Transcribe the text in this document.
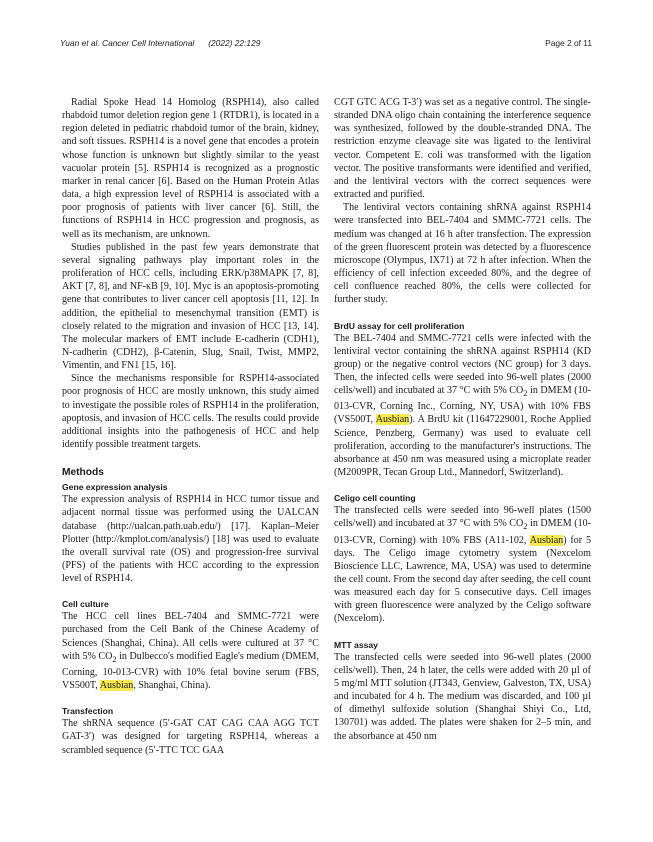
Yuan et al. Cancer Cell International (2022) 22:129	Page 2 of 11

Radial Spoke Head 14 Homolog (RSPH14), also called rhabdoid tumor deletion region gene 1 (RTDR1), is located in a region deleted in pediatric rhabdoid tumor of the brain, kidney, and soft tissues. RSPH14 is a novel gene that encodes a protein whose function is unknown but slightly similar to the yeast vacuolar protein [5]. RSPH14 is recognized as a prognostic marker in renal cancer [6]. Based on the Human Protein Atlas data, a high expression level of RSPH14 is associated with a poor prognosis of patients with liver cancer [6]. Still, the functions of RSPH14 in HCC progression and prognosis, as well as its mechanism, are unknown.

Studies published in the past few years demonstrate that several signaling pathways play important roles in the proliferation of HCC cells, including ERK/p38MAPK [7, 8], AKT [7, 8], and NF-κB [9, 10]. Myc is an apoptosis-promoting gene that contributes to liver cancer cell apoptosis [11, 12]. In addition, the epithelial to mesenchymal transition (EMT) is closely related to the migration and invasion of HCC [13, 14]. The molecular markers of EMT include E-cadherin (CDH1), N-cadherin (CDH2), β-Catenin, Slug, Snail, Twist, MMP2, Vimentin, and FN1 [15, 16].

Since the mechanisms responsible for RSPH14-associated poor prognosis of HCC are mostly unknown, this study aimed to investigate the possible roles of RSPH14 in the proliferation, apoptosis, and invasion of HCC cells. The results could provide additional insights into the pathogenesis of HCC and help identify possible treatment targets.

Methods
Gene expression analysis

The expression analysis of RSPH14 in HCC tumor tissue and adjacent normal tissue was performed using the UALCAN database (http://ualcan.path.uab.edu/) [17]. Kaplan–Meier Plotter (http://kmplot.com/analysis/) [18] was used to evaluate the overall survival rate (OS) and progression-free survival (PFS) of the patients with HCC according to the expression level of RSPH14.

Cell culture

The HCC cell lines BEL-7404 and SMMC-7721 were purchased from the Cell Bank of the Chinese Academy of Sciences (Shanghai, China). All cells were cultured at 37 °C with 5% $CO_2$ in Dulbecco's modified Eagle's medium (DMEM, Corning, 10-013-CVR) with 10% fetal bovine serum (FBS, VS500T, Ausbian, Shanghai, China).

Transfection

The shRNA sequence (5′-GAT CAT CAG CAA AGG TCT GAT-3′) was designed for targeting RSPH14, whereas a scrambled sequence (5′-TTC TCC GAA

CGT GTC ACG T-3′) was set as a negative control. The single-stranded DNA oligo chain containing the interference sequence was synthesized, followed by the double-stranded DNA. The restriction enzyme cleavage site was ligated to the lentiviral vector. Competent E. coli was transformed with the ligation vector. The positive transformants were identified and verified, and the lentiviral vectors with the correct sequences were extracted and purified.

The lentiviral vectors containing shRNA against RSPH14 were transfected into BEL-7404 and SMMC-7721 cells. The medium was changed at 16 h after transfection. The expression of the green fluorescent protein was detected by a fluorescence microscope (Olympus, IX71) at 72 h after infection. When the efficiency of cell infection exceeded 80%, and the degree of cell confluence reached 80%, the cells were collected for further study.

BrdU assay for cell proliferation

The BEL-7404 and SMMC-7721 cells were infected with the lentiviral vector containing the shRNA against RSPH14 (KD group) or the negative control vectors (NC group) for 3 days. Then, the infected cells were seeded into 96-well plates (2000 cells/well) and incubated at 37 °C with 5% $CO_2$ in DMEM (10-013-CVR, Corning Inc., Corning, NY, USA) with 10% FBS (VS500T, Ausbian). A BrdU kit (11647229001, Roche Applied Science, Penzberg, Germany) was used to evaluate cell proliferation, according to the manufacturer's instructions. The absorbance at 450 nm was measured using a microplate reader (M2009PR, Tecan Group Ltd., Mannedorf, Switzerland).

Celigo cell counting

The transfected cells were seeded into 96-well plates (1500 cells/well) and incubated at 37 °C with 5% $CO_2$ in DMEM (10-013-CVR, Corning) with 10% FBS (A11-102, Ausbian) for 5 days. The Celigo image cytometry system (Nexcelom Bioscience LLC, Lawrence, MA, USA) was used to determine the cell count. From the second day after seeding, the cell count was measured each day for 5 consecutive days. Cell images with green fluorescence were analyzed by the Celigo software (Nexcelom).

MTT assay

The transfected cells were seeded into 96-well plates (2000 cells/well). Then, 24 h later, the cells were added with 20 µl of 5 mg/ml MTT solution (JT343, Genview, Galveston, TX, USA) and incubated for 4 h. The medium was discarded, and 100 µl of dimethyl sulfoxide solution (Shanghai Shiyi Co., Ltd, 130701) was added. The plates were shaken for 2–5 min, and the absorbance at 450 nm
